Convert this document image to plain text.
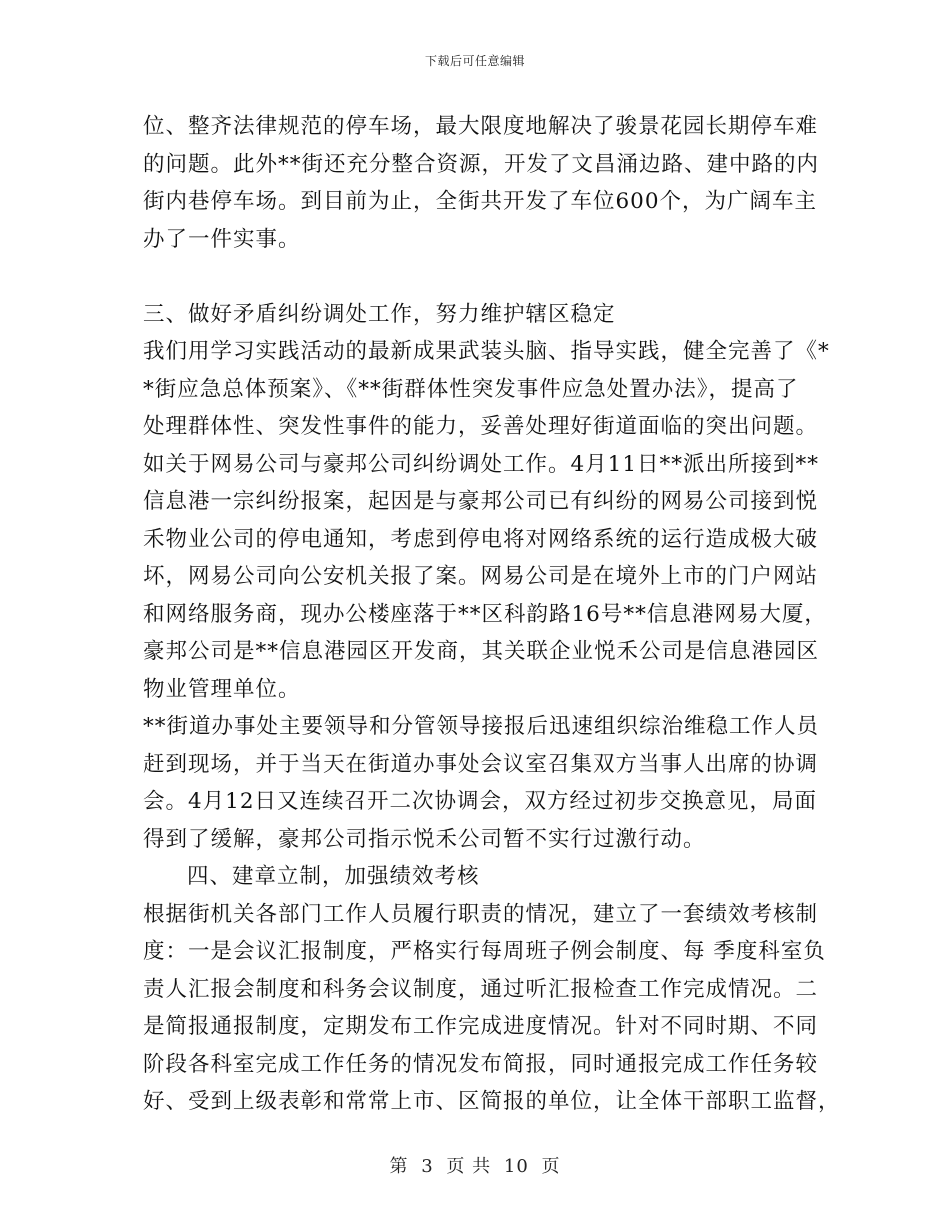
下载后可任意编辑
位、整齐法律规范的停车场，最大限度地解决了骏景花园长期停车难
的问题。此外**街还充分整合资源，开发了文昌涌边路、建中路的内
街内巷停车场。到目前为止，全街共开发了车位600个，为广阔车主
办了一件实事。
三、做好矛盾纠纷调处工作，努力维护辖区稳定
我们用学习实践活动的最新成果武装头脑、指导实践，健全完善了《*
*街应急总体预案》、《**街群体性突发事件应急处置办法》，提高了
处理群体性、突发性事件的能力，妥善处理好街道面临的突出问题。
如关于网易公司与豪邦公司纠纷调处工作。4月11日**派出所接到**
信息港一宗纠纷报案，起因是与豪邦公司已有纠纷的网易公司接到悦
禾物业公司的停电通知，考虑到停电将对网络系统的运行造成极大破
坏，网易公司向公安机关报了案。网易公司是在境外上市的门户网站
和网络服务商，现办公楼座落于**区科韵路16号**信息港网易大厦，
豪邦公司是**信息港园区开发商，其关联企业悦禾公司是信息港园区
物业管理单位。
**街道办事处主要领导和分管领导接报后迅速组织综治维稳工作人员
赶到现场，并于当天在街道办事处会议室召集双方当事人出席的协调
会。4月12日又连续召开二次协调会，双方经过初步交换意见，局面
得到了缓解，豪邦公司指示悦禾公司暂不实行过激行动。
四、建章立制，加强绩效考核
根据街机关各部门工作人员履行职责的情况，建立了一套绩效考核制
度：一是会议汇报制度，严格实行每周班子例会制度、每 季度科室负
责人汇报会制度和科务会议制度，通过听汇报检查工作完成情况。二
是简报通报制度，定期发布工作完成进度情况。针对不同时期、不同
阶段各科室完成工作任务的情况发布简报，同时通报完成工作任务较
好、受到上级表彰和常常上市、区简报的单位，让全体干部职工监督，
第 3 页 共 10 页
